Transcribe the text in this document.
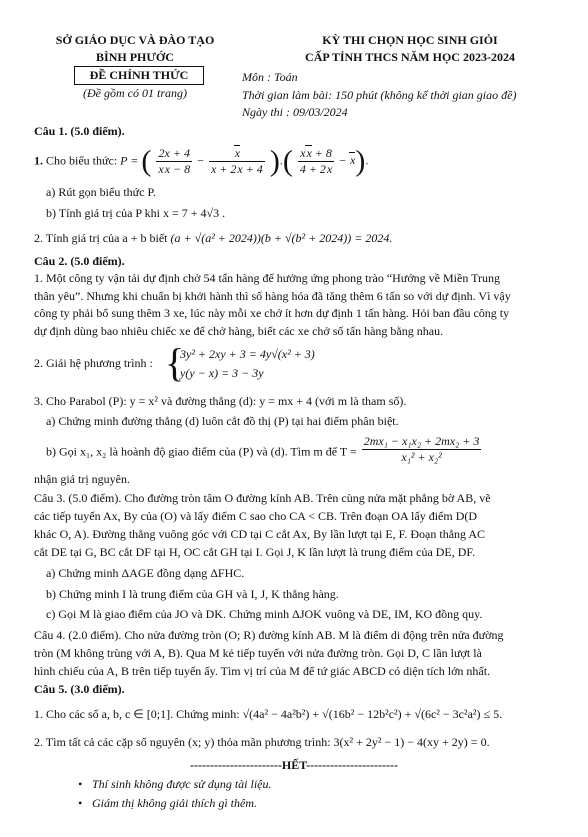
SỞ GIÁO DỤC VÀ ĐÀO TẠO
BÌNH PHƯỚC
ĐỀ CHÍNH THỨC
(Đề gồm có 01 trang)
KỲ THI CHỌN HỌC SINH GIỎI
CẤP TỈNH THCS NĂM HỌC 2023-2024
Môn : Toán
Thời gian làm bài: 150 phút (không kể thời gian giao đề)
Ngày thi : 09/03/2024
Câu 1. (5.0 điểm).
1. Cho biểu thức: P = ( $\frac{2x + 4}{xx - 8} - \frac{x}{x + 2x + 4}$ ).( $\frac{xx + 8}{4 + 2x} - x$).
a) Rút gọn biểu thức P.
b) Tính giá trị của P khi x = 7 + 4√3 .
2. Tính giá trị của a + b biết (a + √(a² + 2024))(b + √(b² + 2024)) = 2024.
Câu 2. (5.0 điểm).
1. Một công ty vận tải dự định chở 54 tấn hàng để hưởng ứng phong trào “Hướng về Miền Trung
thân yêu”. Nhưng khi chuẩn bị khởi hành thì số hàng hóa đã tăng thêm 6 tấn so với dự định. Vì vậy
công ty phải bổ sung thêm 3 xe, lúc này mỗi xe chở ít hơn dự định 1 tấn hàng. Hỏi ban đầu công ty
dự định dùng bao nhiêu chiếc xe để chở hàng, biết các xe chở số tấn hàng bằng nhau.
2. Giải hệ phương trình : {
3y² + 2xy + 3 = 4y√(x² + 3)
y(y − x) = 3 − 3y
3. Cho Parabol (P): y = x² và đường thẳng (d): y = mx + 4 (với m là tham số).
a) Chứng minh đường thẳng (d) luôn cắt đồ thị (P) tại hai điểm phân biệt.
b) Gọi x₁, x₂ là hoành độ giao điểm của (P) và (d). Tìm m để $T = \frac{\text{2mx₁ − x₁x₂ + 2mx₂ + 3}}{\text{x₁² + x₂²}}$
nhận giá trị nguyên.
Câu 3. (5.0 điểm). Cho đường tròn tâm O đường kính AB. Trên cùng nửa mặt phẳng bờ AB, vẽ
các tiếp tuyến Ax, By của (O) và lấy điểm C sao cho CA < CB. Trên đoạn OA lấy điểm D(D
khác O, A). Đường thẳng vuông góc với CD tại C cắt Ax, By lần lượt tại E, F. Đoạn thẳng AC
cắt DE tại G, BC cắt DF tại H, OC cắt GH tại I. Gọi J, K lần lượt là trung điểm của DE, DF.
a) Chứng minh ΔAGE đồng dạng ΔFHC.
b) Chứng minh I là trung điểm của GH và I, J, K thẳng hàng.
c) Gọi M là giao điểm của JO và DK. Chứng minh ΔJOK vuông và DE, IM, KO đồng quy.
Câu 4. (2.0 điểm). Cho nửa đường tròn (O; R) đường kính AB. M là điểm di động trên nửa đường
tròn (M không trùng với A, B). Qua M kẻ tiếp tuyến với nửa đường tròn. Gọi D, C lần lượt là
hình chiếu của A, B trên tiếp tuyến ấy. Tìm vị trí của M để tứ giác ABCD có diện tích lớn nhất.
Câu 5. (3.0 điểm).
1. Cho các số a, b, c ∈ [0;1]. Chứng minh: √(4a² − 4a²b²) + √(16b² − 12b²c²) + √(6c² − 3c²a²) ≤ 5.
2. Tìm tất cả các cặp số nguyên (x; y) thỏa mãn phương trình: 3(x² + 2y² − 1) − 4(xy + 2y) = 0.
-----------------------HẾT-----------------------
Thí sinh không được sử dụng tài liệu.
Giám thị không giải thích gì thêm.
